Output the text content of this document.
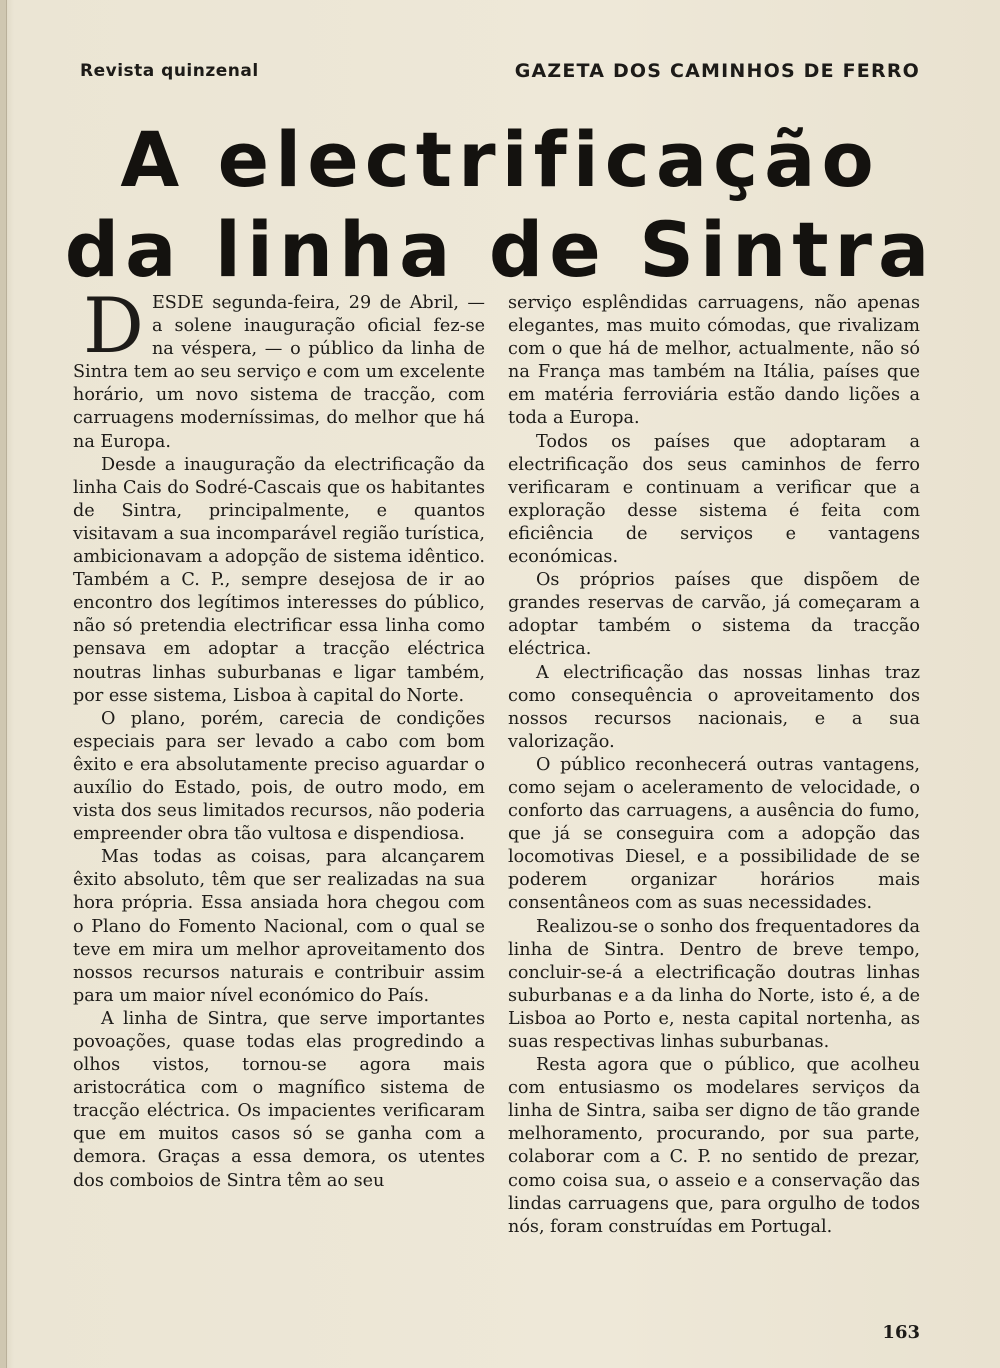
Revista quinzenal	GAZETA DOS CAMINHOS DE FERRO
A electrificação
da linha de Sintra

DESDE segunda-feira, 29 de Abril, — a solene inauguração oficial fez-se na véspera, — o público da linha de Sintra tem ao seu serviço e com um excelente horário, um novo sistema de tracção, com carruagens moderníssimas, do melhor que há na Europa.

Desde a inauguração da electrificação da linha Cais do Sodré-Cascais que os habitantes de Sintra, principalmente, e quantos visitavam a sua incomparável região turística, ambicionavam a adopção de sistema idêntico. Também a C. P., sempre desejosa de ir ao encontro dos legítimos interesses do público, não só pretendia electrificar essa linha como pensava em adoptar a tracção eléctrica noutras linhas suburbanas e ligar também, por esse sistema, Lisboa à capital do Norte.

O plano, porém, carecia de condições especiais para ser levado a cabo com bom êxito e era absolutamente preciso aguardar o auxílio do Estado, pois, de outro modo, em vista dos seus limitados recursos, não poderia empreender obra tão vultosa e dispendiosa.

Mas todas as coisas, para alcançarem êxito absoluto, têm que ser realizadas na sua hora própria. Essa ansiada hora chegou com o Plano do Fomento Nacional, com o qual se teve em mira um melhor aproveitamento dos nossos recursos naturais e contribuir assim para um maior nível económico do País.

A linha de Sintra, que serve importantes povoações, quase todas elas progredindo a olhos vistos, tornou-se agora mais aristocrática com o magnífico sistema de tracção eléctrica. Os impacientes verificaram que em muitos casos só se ganha com a demora. Graças a essa demora, os utentes dos comboios de Sintra têm ao seu

serviço esplêndidas carruagens, não apenas elegantes, mas muito cómodas, que rivalizam com o que há de melhor, actualmente, não só na França mas também na Itália, países que em matéria ferroviária estão dando lições a toda a Europa.

Todos os países que adoptaram a electrificação dos seus caminhos de ferro verificaram e continuam a verificar que a exploração desse sistema é feita com eficiência de serviços e vantagens económicas.

Os próprios países que dispõem de grandes reservas de carvão, já começaram a adoptar também o sistema da tracção eléctrica.

A electrificação das nossas linhas traz como consequência o aproveitamento dos nossos recursos nacionais, e a sua valorização.

O público reconhecerá outras vantagens, como sejam o aceleramento de velocidade, o conforto das carruagens, a ausência do fumo, que já se conseguira com a adopção das locomotivas Diesel, e a possibilidade de se poderem organizar horários mais consentâneos com as suas necessidades.

Realizou-se o sonho dos frequentadores da linha de Sintra. Dentro de breve tempo, concluir-se-á a electrificação doutras linhas suburbanas e a da linha do Norte, isto é, a de Lisboa ao Porto e, nesta capital nortenha, as suas respectivas linhas suburbanas.

Resta agora que o público, que acolheu com entusiasmo os modelares serviços da linha de Sintra, saiba ser digno de tão grande melhoramento, procurando, por sua parte, colaborar com a C. P. no sentido de prezar, como coisa sua, o asseio e a conservação das lindas carruagens que, para orgulho de todos nós, foram construídas em Portugal.

163
